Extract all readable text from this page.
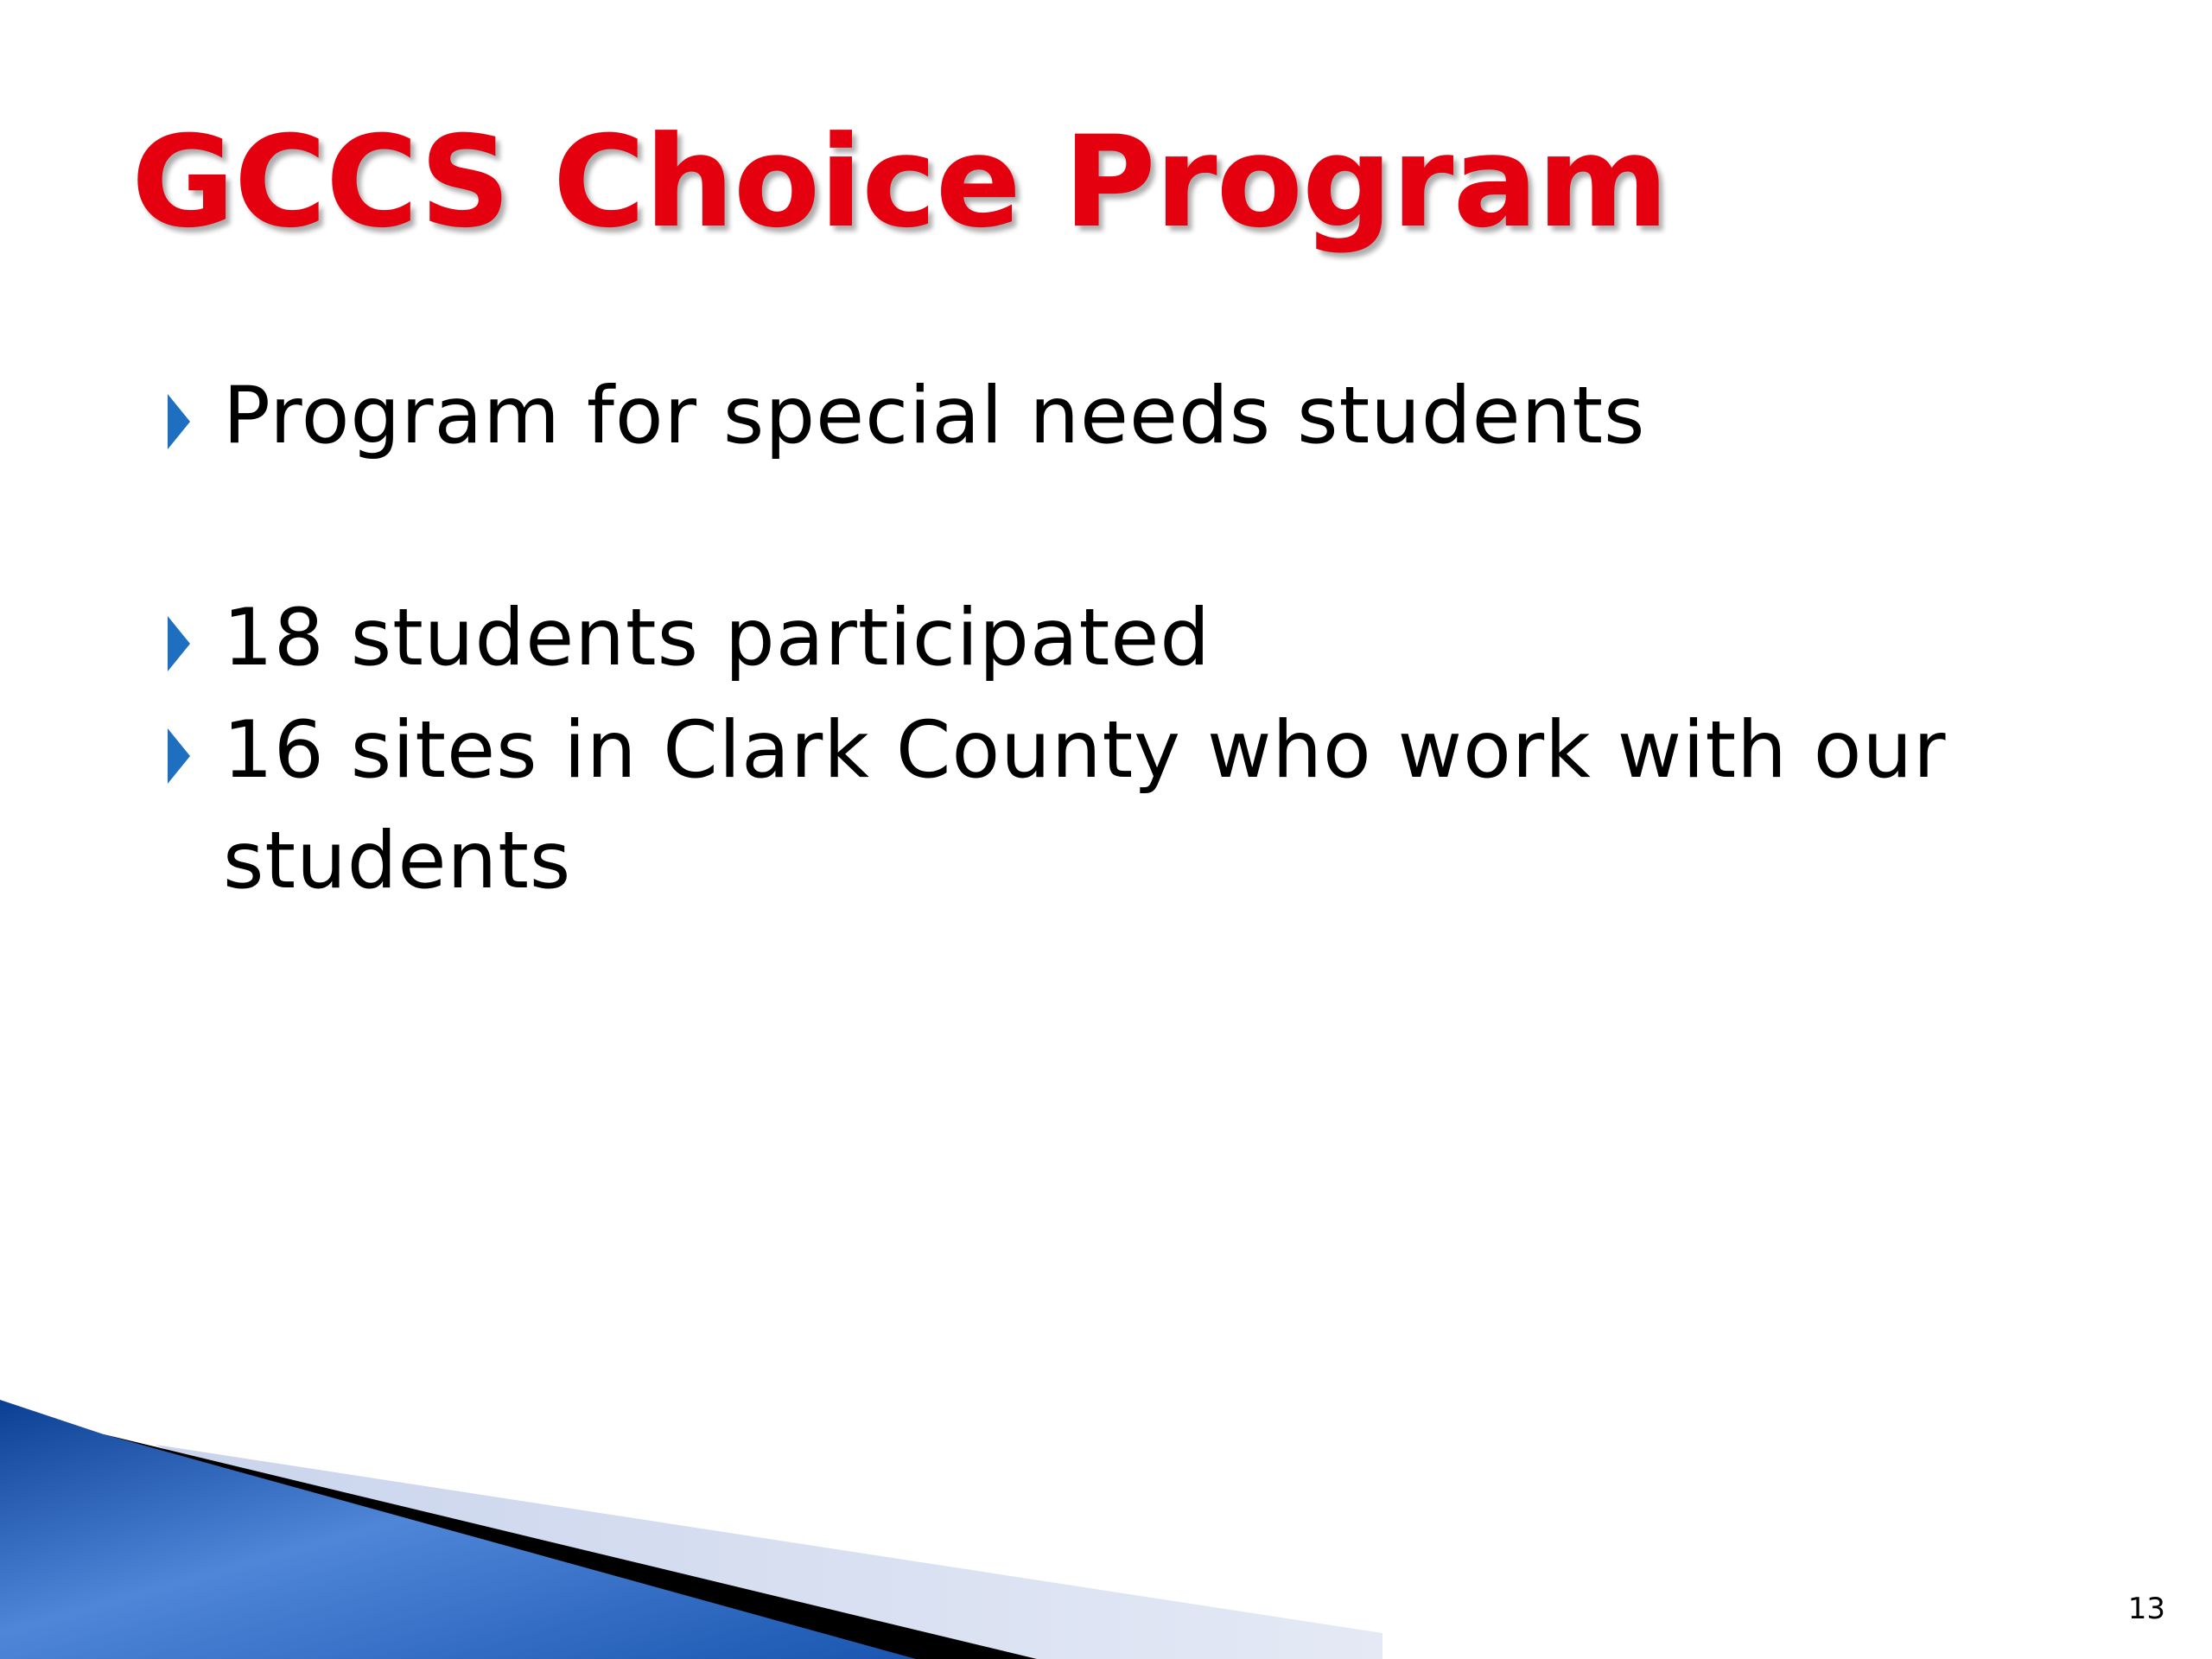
GCCS Choice Program
Program for special needs students
18 students participated
16 sites in Clark County who work with our students
13
